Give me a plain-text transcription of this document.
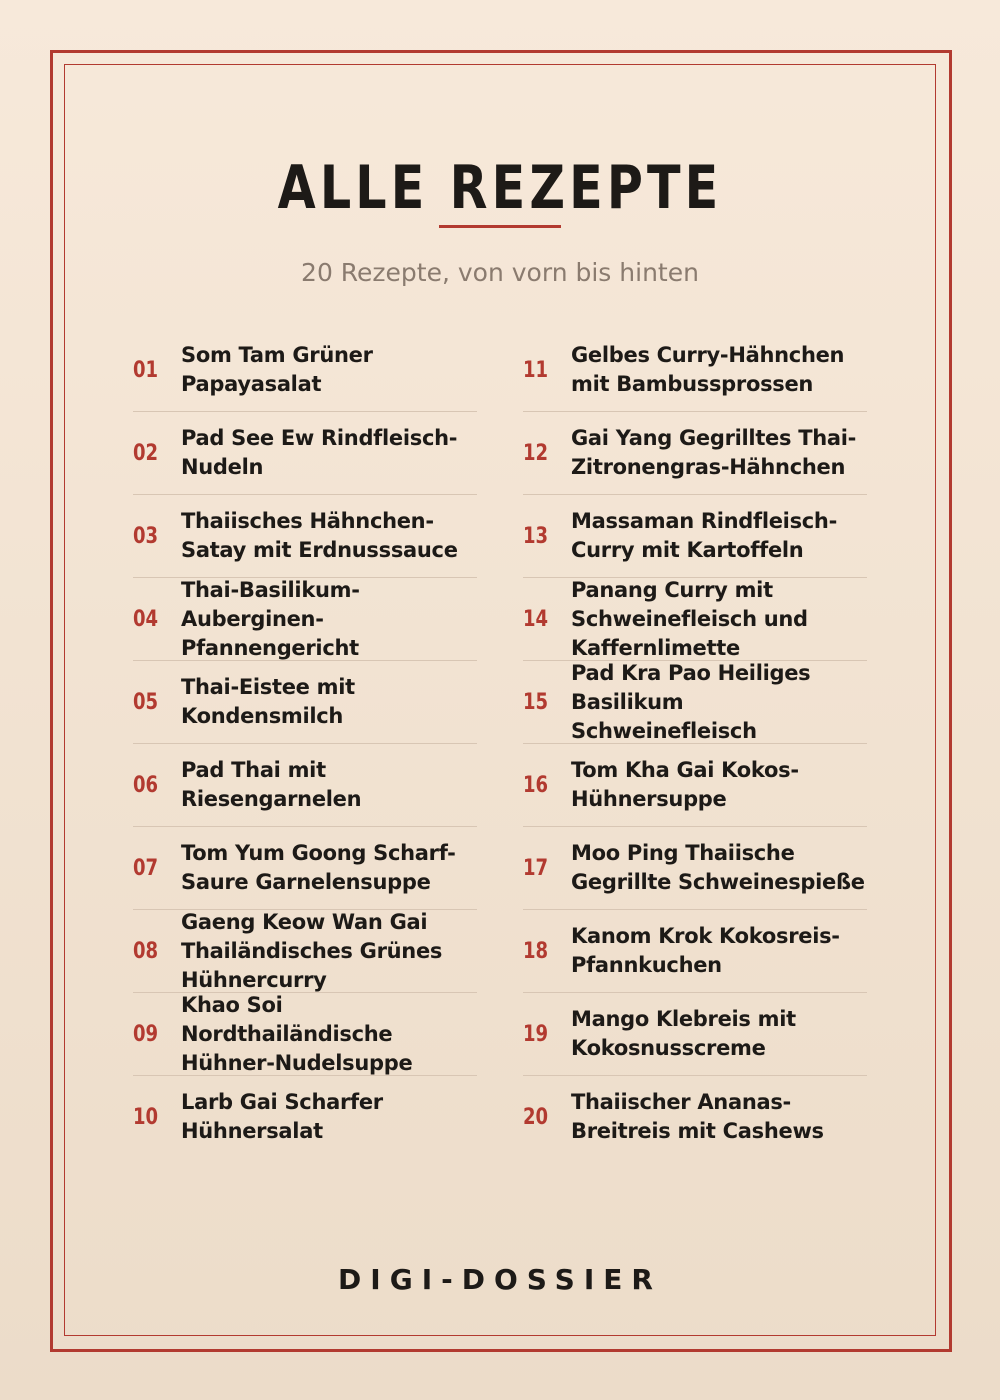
ALLE REZEPTE
20 Rezepte, von vorn bis hinten
01
Som Tam Grüner Papayasalat
02
Pad See Ew Rindfleisch-Nudeln
03
Thaiisches Hähnchen-Satay mit Erdnusssauce
04
Thai-Basilikum-Auberginen-Pfannengericht
05
Thai-Eistee mit Kondensmilch
06
Pad Thai mit Riesengarnelen
07
Tom Yum Goong Scharf-Saure Garnelensuppe
08
Gaeng Keow Wan Gai Thailändisches Grünes Hühnercurry
09
Khao Soi Nordthailändische Hühner-Nudelsuppe
10
Larb Gai Scharfer Hühnersalat
11
Gelbes Curry-Hähnchen mit Bambussprossen
12
Gai Yang Gegrilltes Thai-Zitronengras-Hähnchen
13
Massaman Rindfleisch-Curry mit Kartoffeln
14
Panang Curry mit Schweinefleisch und Kaffernlimette
15
Pad Kra Pao Heiliges Basilikum Schweinefleisch
16
Tom Kha Gai Kokos-Hühnersuppe
17
Moo Ping Thaiische Gegrillte Schweinespieße
18
Kanom Krok Kokosreis-Pfannkuchen
19
Mango Klebreis mit Kokosnusscreme
20
Thaiischer Ananas-Breitreis mit Cashews
DIGI-DOSSIER
